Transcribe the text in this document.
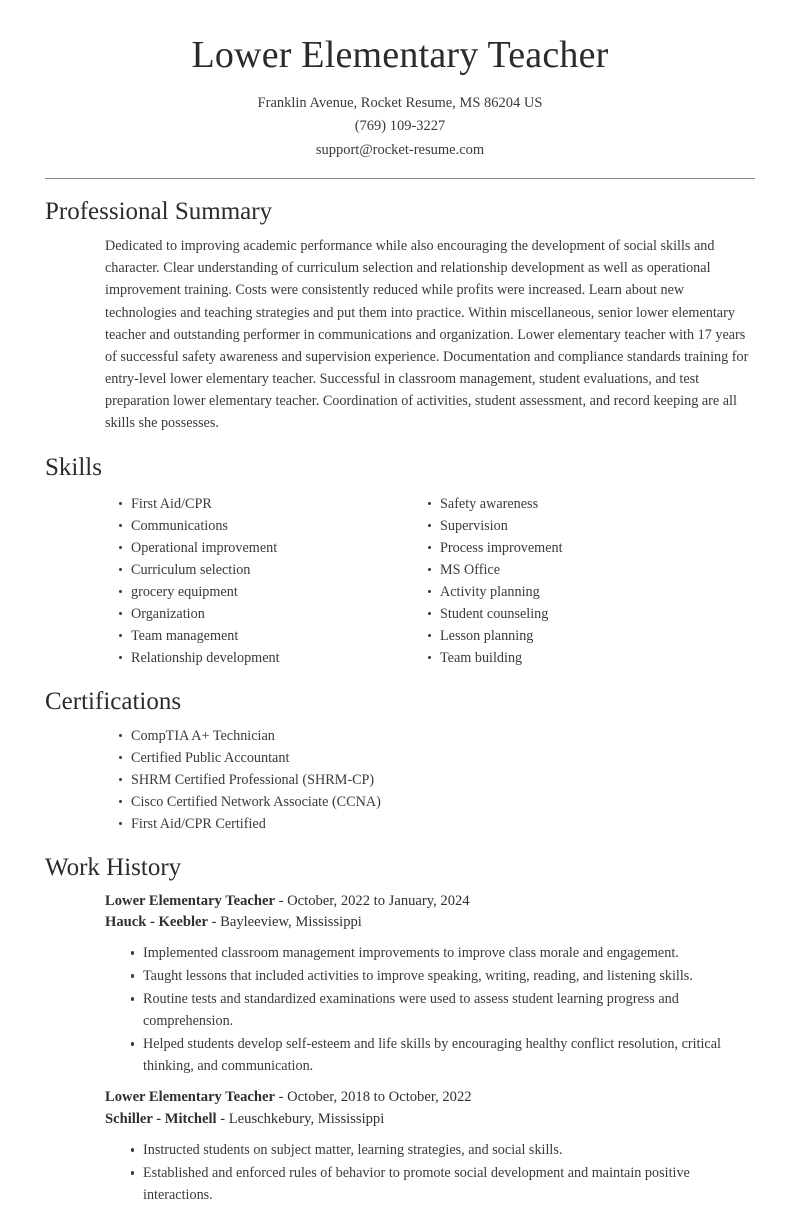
Lower Elementary Teacher

Franklin Avenue, Rocket Resume, MS 86204 US

(769) 109-3227

support@rocket-resume.com

Professional Summary

Dedicated to improving academic performance while also encouraging the development of social skills and character. Clear understanding of curriculum selection and relationship development as well as operational improvement training. Costs were consistently reduced while profits were increased. Learn about new technologies and teaching strategies and put them into practice. Within miscellaneous, senior lower elementary teacher and outstanding performer in communications and organization. Lower elementary teacher with 17 years of successful safety awareness and supervision experience. Documentation and compliance standards training for entry-level lower elementary teacher. Successful in classroom management, student evaluations, and test preparation lower elementary teacher. Coordination of activities, student assessment, and record keeping are all skills she possesses.

Skills
First Aid/CPR
Communications
Operational improvement
Curriculum selection
grocery equipment
Organization
Team management
Relationship development
Safety awareness
Supervision
Process improvement
MS Office
Activity planning
Student counseling
Lesson planning
Team building
Certifications
CompTIA A+ Technician
Certified Public Accountant
SHRM Certified Professional (SHRM-CP)
Cisco Certified Network Associate (CCNA)
First Aid/CPR Certified
Work History
Lower Elementary Teacher - October, 2022 to January, 2024
Hauck - Keebler - Bayleeview, Mississippi
Implemented classroom management improvements to improve class morale and engagement.
Taught lessons that included activities to improve speaking, writing, reading, and listening skills.
Routine tests and standardized examinations were used to assess student learning progress and comprehension.
Helped students develop self-esteem and life skills by encouraging healthy conflict resolution, critical thinking, and communication.
Lower Elementary Teacher - October, 2018 to October, 2022
Schiller - Mitchell - Leuschkebury, Mississippi
Instructed students on subject matter, learning strategies, and social skills.
Established and enforced rules of behavior to promote social development and maintain positive interactions.
